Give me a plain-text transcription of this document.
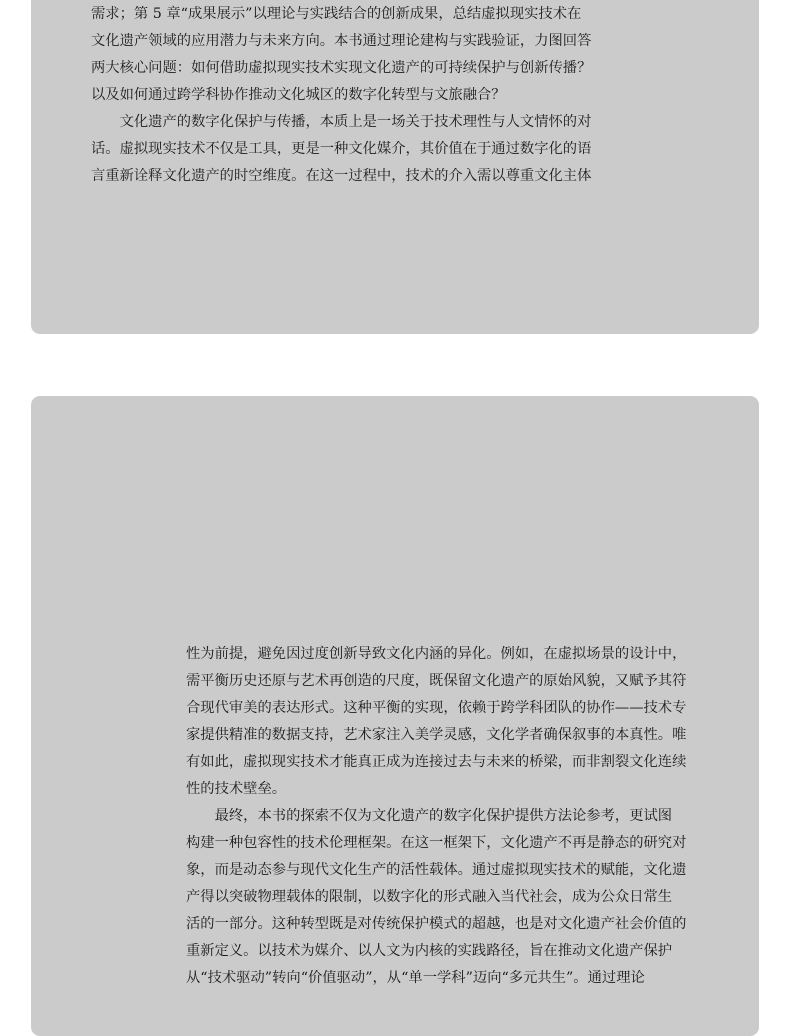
需求；第 5 章“成果展示”以理论与实践结合的创新成果，总结虚拟现实技术在
文化遗产领域的应用潜力与未来方向。本书通过理论建构与实践验证，力图回答
两大核心问题：如何借助虚拟现实技术实现文化遗产的可持续保护与创新传播？
以及如何通过跨学科协作推动文化城区的数字化转型与文旅融合？
文化遗产的数字化保护与传播，本质上是一场关于技术理性与人文情怀的对
话。虚拟现实技术不仅是工具，更是一种文化媒介，其价值在于通过数字化的语
言重新诠释文化遗产的时空维度。在这一过程中，技术的介入需以尊重文化主体
性为前提，避免因过度创新导致文化内涵的异化。例如，在虚拟场景的设计中，
需平衡历史还原与艺术再创造的尺度，既保留文化遗产的原始风貌，又赋予其符
合现代审美的表达形式。这种平衡的实现，依赖于跨学科团队的协作——技术专
家提供精准的数据支持，艺术家注入美学灵感，文化学者确保叙事的本真性。唯
有如此，虚拟现实技术才能真正成为连接过去与未来的桥梁，而非割裂文化连续
性的技术壁垒。
最终，本书的探索不仅为文化遗产的数字化保护提供方法论参考，更试图
构建一种包容性的技术伦理框架。在这一框架下，文化遗产不再是静态的研究对
象，而是动态参与现代文化生产的活性载体。通过虚拟现实技术的赋能，文化遗
产得以突破物理载体的限制，以数字化的形式融入当代社会，成为公众日常生
活的一部分。这种转型既是对传统保护模式的超越，也是对文化遗产社会价值的
重新定义。以技术为媒介、以人文为内核的实践路径，旨在推动文化遗产保护
从“技术驱动”转向“价值驱动”，从“单一学科”迈向“多元共生”。通过理论
